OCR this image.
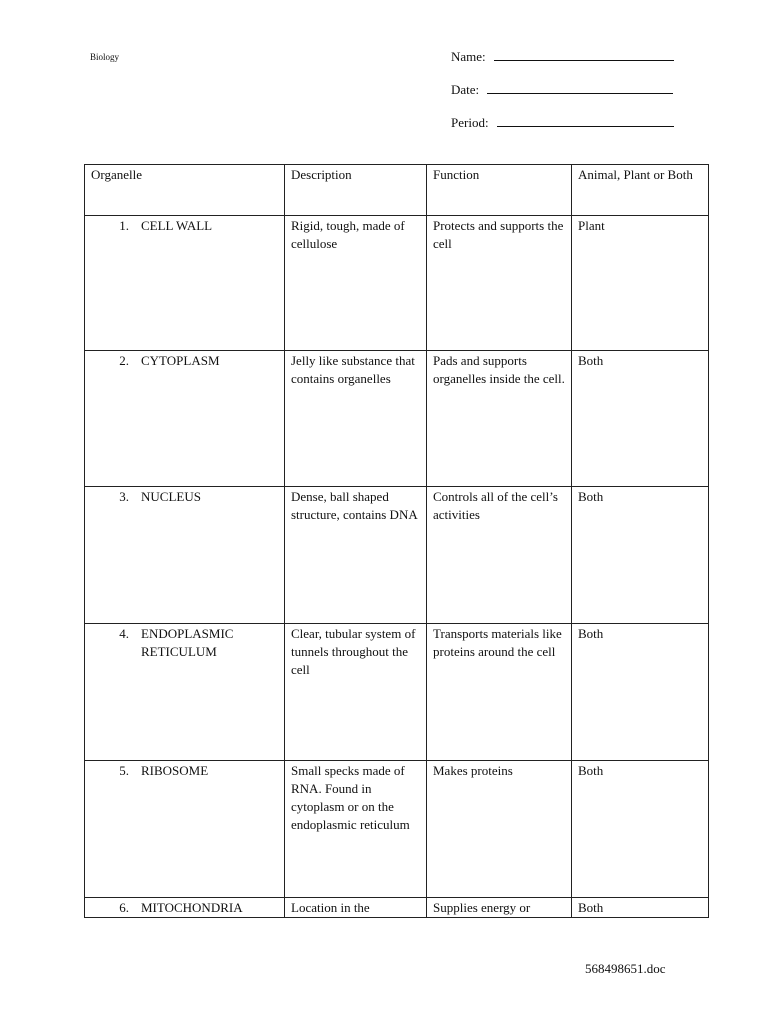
Biology	Name:
Date:
Period:
Organelle	Description	Function	Animal, Plant or Both

1. CELL WALL	Rigid, tough, made of cellulose	Protects and supports the cell	Plant

2. CYTOPLASM	Jelly like substance that contains organelles	Pads and supports organelles inside the cell.	Both

3. NUCLEUS	Dense, ball shaped structure, contains DNA	Controls all of the cell’s activities	Both

4. ENDOPLASMIC RETICULUM	Clear, tubular system of tunnels throughout the cell	Transports materials like proteins around the cell	Both

5. RIBOSOME	Small specks made of RNA. Found in cytoplasm or on the endoplasmic reticulum	Makes proteins	Both

6. MITOCHONDRIA	Location in the	Supplies energy or	Both
568498651.doc
